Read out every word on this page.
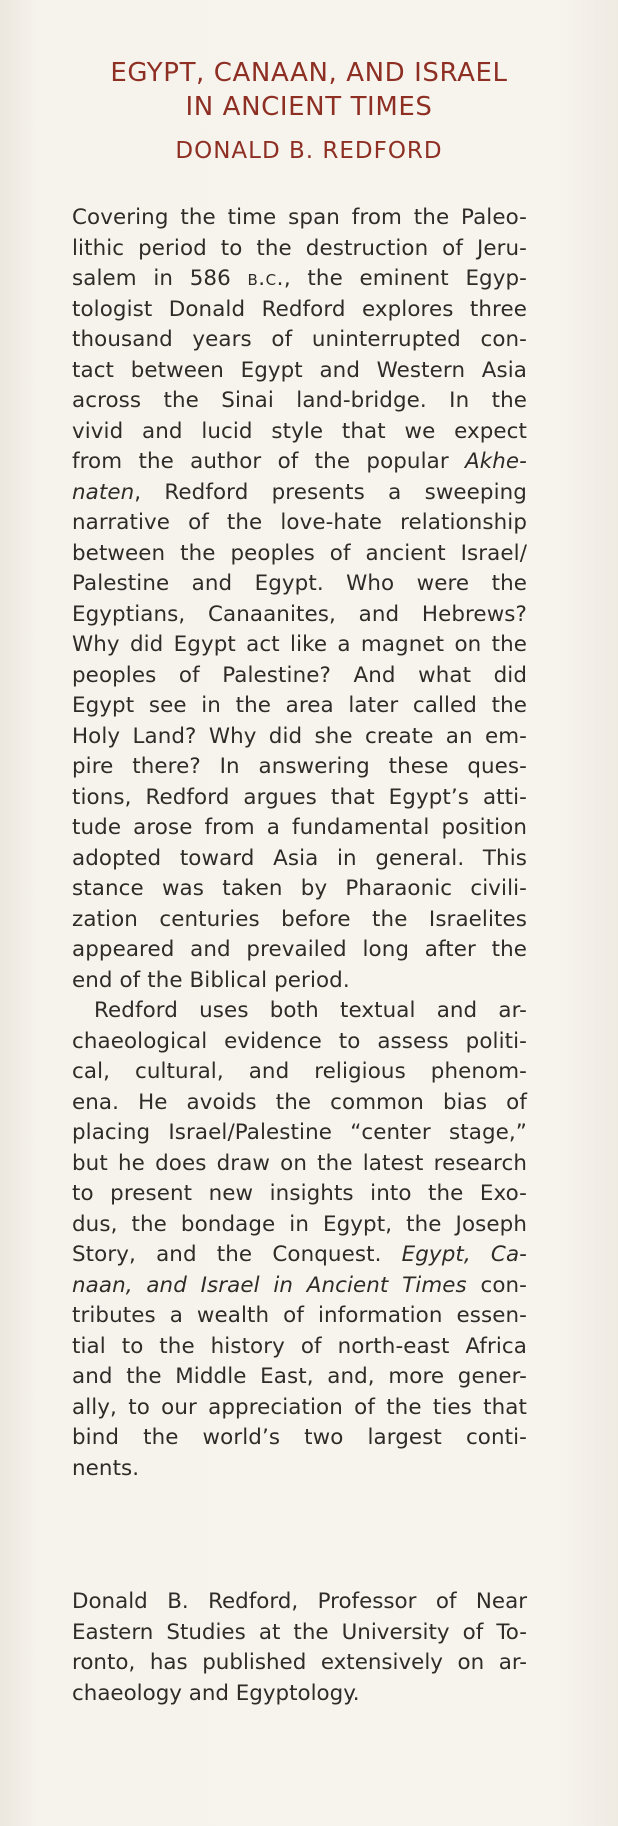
EGYPT, CANAAN, AND ISRAEL
IN ANCIENT TIMES
DONALD B. REDFORD
Covering the time span from the Paleo-
lithic period to the destruction of Jeru-
salem in 586 b.c., the eminent Egyp-
tologist Donald Redford explores three
thousand years of uninterrupted con-
tact between Egypt and Western Asia
across the Sinai land-bridge. In the
vivid and lucid style that we expect
from the author of the popular Akhe-
naten, Redford presents a sweeping
narrative of the love-hate relationship
between the peoples of ancient Israel/
Palestine and Egypt. Who were the
Egyptians, Canaanites, and Hebrews?
Why did Egypt act like a magnet on the
peoples of Palestine? And what did
Egypt see in the area later called the
Holy Land? Why did she create an em-
pire there? In answering these ques-
tions, Redford argues that Egypt’s atti-
tude arose from a fundamental position
adopted toward Asia in general. This
stance was taken by Pharaonic civili-
zation centuries before the Israelites
appeared and prevailed long after the
end of the Biblical period.
Redford uses both textual and ar-
chaeological evidence to assess politi-
cal, cultural, and religious phenom-
ena. He avoids the common bias of
placing Israel/Palestine “center stage,”
but he does draw on the latest research
to present new insights into the Exo-
dus, the bondage in Egypt, the Joseph
Story, and the Conquest. Egypt, Ca-
naan, and Israel in Ancient Times con-
tributes a wealth of information essen-
tial to the history of north-east Africa
and the Middle East, and, more gener-
ally, to our appreciation of the ties that
bind the world’s two largest conti-
nents.
Donald B. Redford, Professor of Near
Eastern Studies at the University of To-
ronto, has published extensively on ar-
chaeology and Egyptology.
